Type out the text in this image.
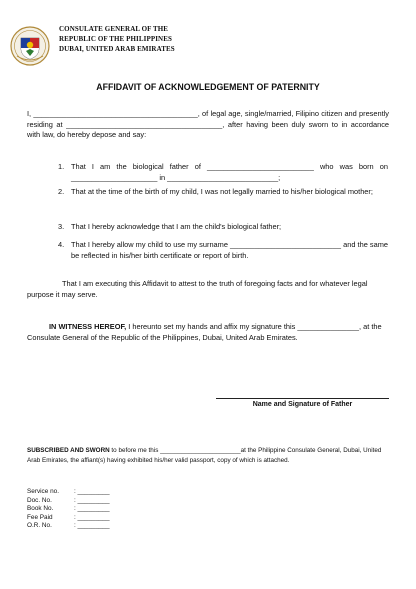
CONSULATE GENERAL OF THE
REPUBLIC OF THE PHILIPPINES
DUBAI, UNITED ARAB EMIRATES
AFFIDAVIT OF ACKNOWLEDGEMENT OF PATERNITY
I, ________________________________________, of legal age, single/married, Filipino citizen and presently residing at ______________________________________, after having been duly sworn to in accordance with law, do hereby depose and say:
1. That I am the biological father of __________________________ who was born on _____________________ in ___________________________;
2. That at the time of the birth of my child, I was not legally married to his/her biological mother;
3. That I hereby acknowledge that I am the child's biological father;
4. That I hereby allow my child to use my surname ___________________________ and the same be reflected in his/her birth certificate or report of birth.
That I am executing this Affidavit to attest to the truth of foregoing facts and for whatever legal purpose it may serve.
IN WITNESS HEREOF, I hereunto set my hands and affix my signature this _______________, at the Consulate General of the Republic of the Philippines, Dubai, United Arab Emirates.
Name and Signature of Father
SUBSCRIBED AND SWORN to before me this _______________________at the Philippine Consulate General, Dubai, United Arab Emirates, the affiant(s) having exhibited his/her valid passport, copy of which is attached.
Service no.	: _________
Doc. No.	: _________
Book No.	: _________
Fee Paid	: _________
O.R. No.	: _________
